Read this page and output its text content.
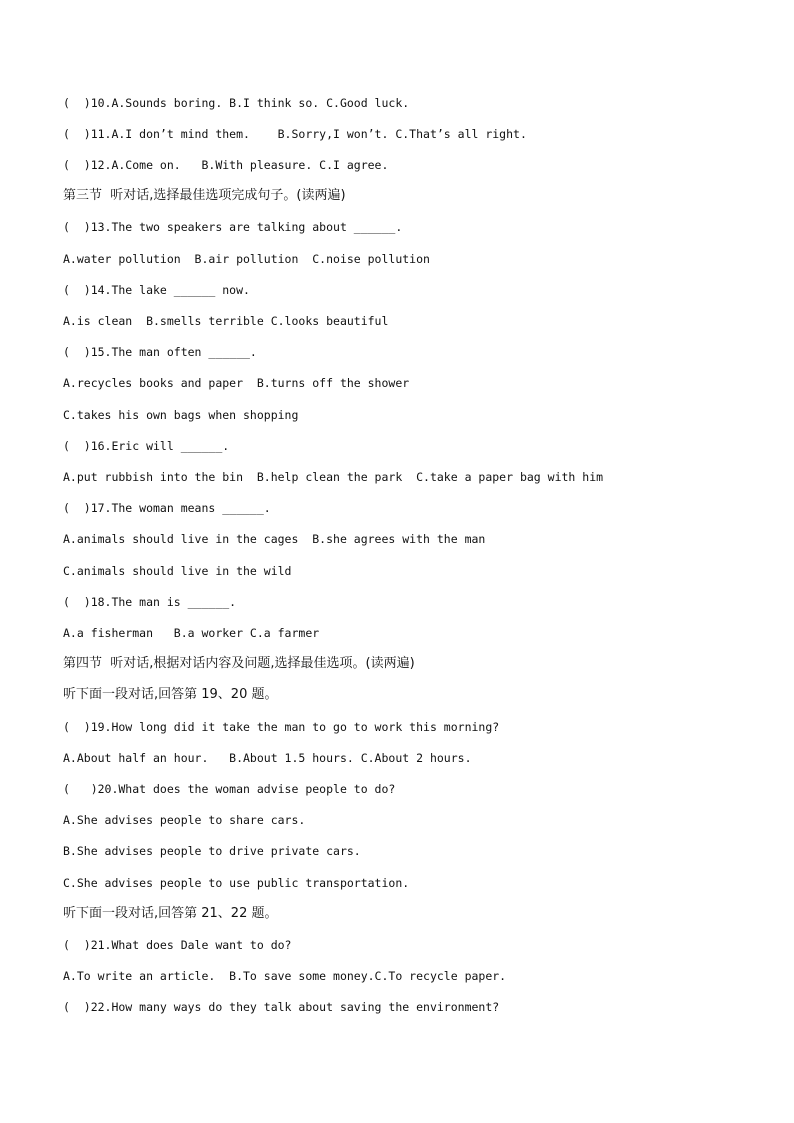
(  )10.A.Sounds boring. B.I think so. C.Good luck.
(  )11.A.I don’t mind them.    B.Sorry,I won’t. C.That’s all right.
(  )12.A.Come on.   B.With pleasure. C.I agree.
第三节  听对话,选择最佳选项完成句子。(读两遍)
(  )13.The two speakers are talking about ______.
A.water pollution  B.air pollution  C.noise pollution
(  )14.The lake ______ now.
A.is clean  B.smells terrible C.looks beautiful
(  )15.The man often ______.
A.recycles books and paper  B.turns off the shower
C.takes his own bags when shopping
(  )16.Eric will ______.
A.put rubbish into the bin  B.help clean the park  C.take a paper bag with him
(  )17.The woman means ______.
A.animals should live in the cages  B.she agrees with the man
C.animals should live in the wild
(  )18.The man is ______.
A.a fisherman   B.a worker C.a farmer
第四节  听对话,根据对话内容及问题,选择最佳选项。(读两遍)
听下面一段对话,回答第 19、20 题。
(  )19.How long did it take the man to go to work this morning?
A.About half an hour.   B.About 1.5 hours. C.About 2 hours.
(   )20.What does the woman advise people to do?
A.She advises people to share cars.
B.She advises people to drive private cars.
C.She advises people to use public transportation.
听下面一段对话,回答第 21、22 题。
(  )21.What does Dale want to do?
A.To write an article.  B.To save some money.C.To recycle paper.
(  )22.How many ways do they talk about saving the environment?
